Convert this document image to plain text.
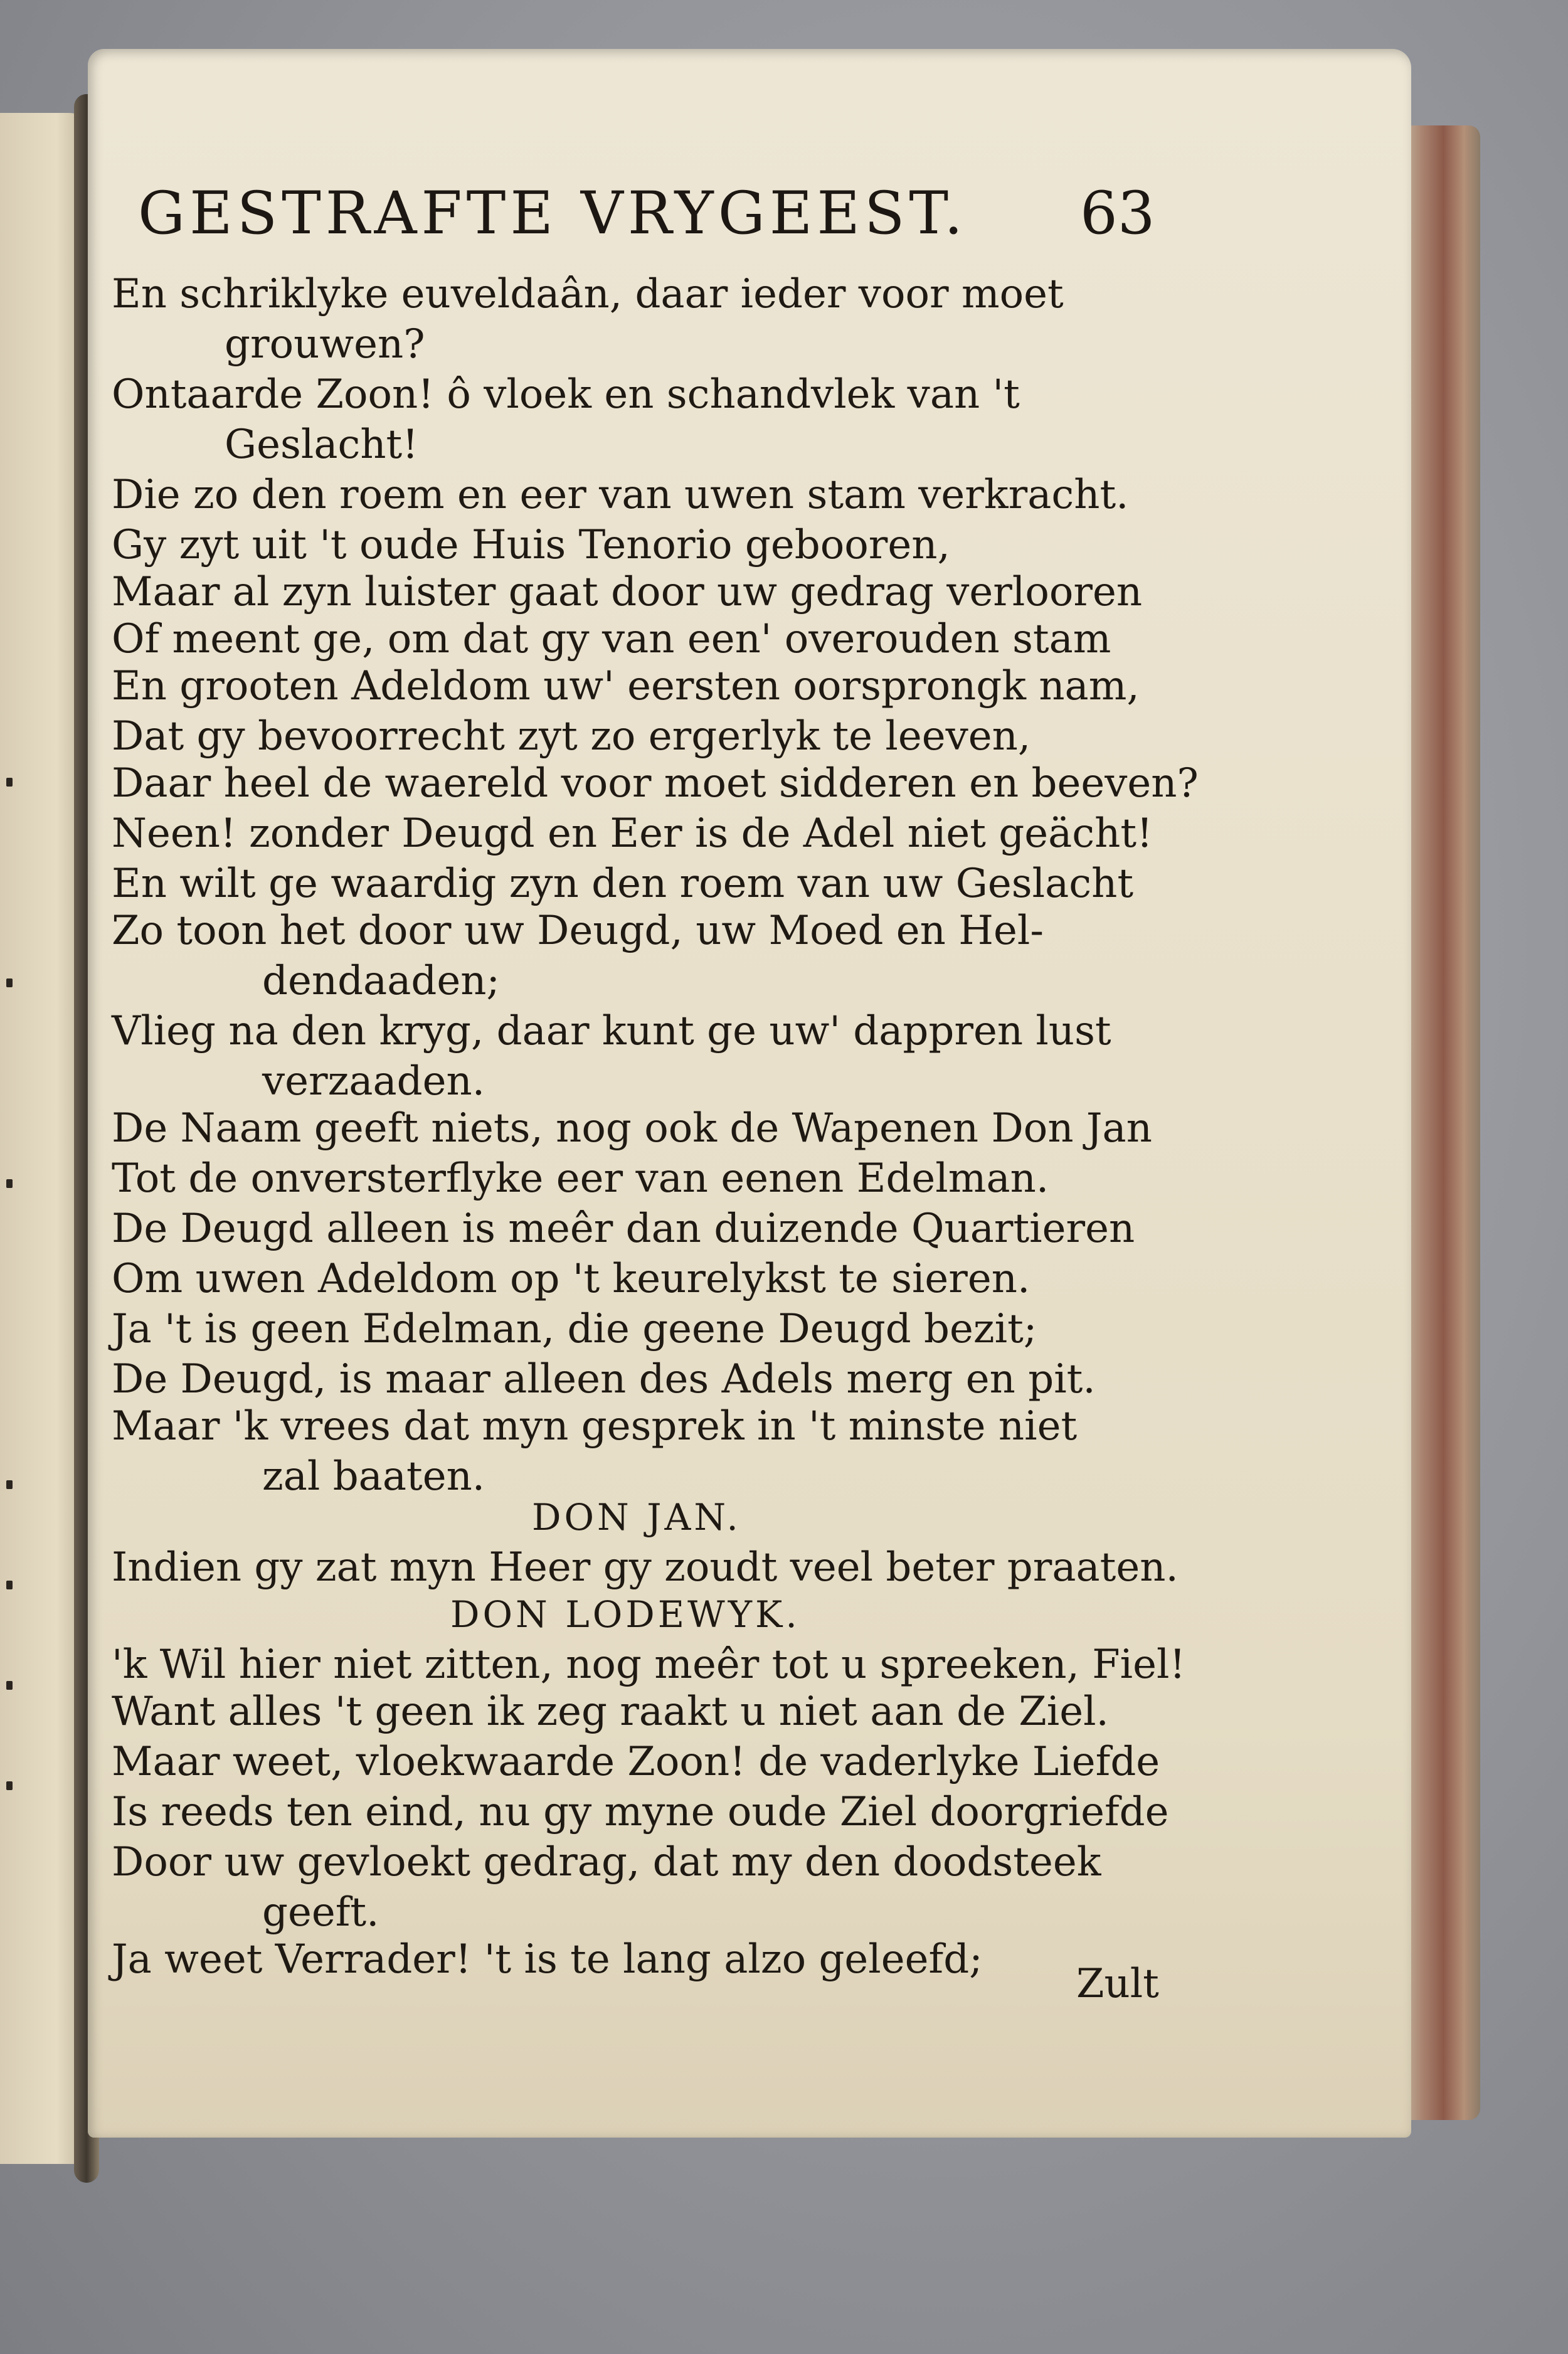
GESTRAFTE VRYGEEST.	63
En schriklyke euveldaân, daar ieder voor moet
grouwen?
Ontaarde Zoon! ô vloek en schandvlek van 't
Geslacht!
Die zo den roem en eer van uwen stam verkracht.
Gy zyt uit 't oude Huis Tenorio gebooren,
Maar al zyn luister gaat door uw gedrag verlooren
Of meent ge, om dat gy van een' overouden stam
En grooten Adeldom uw' eersten oorsprongk nam,
Dat gy bevoorrecht zyt zo ergerlyk te leeven,
Daar heel de waereld voor moet sidderen en beeven?
Neen! zonder Deugd en Eer is de Adel niet geächt!
En wilt ge waardig zyn den roem van uw Geslacht
Zo toon het door uw Deugd, uw Moed en Hel-
dendaaden;
Vlieg na den kryg, daar kunt ge uw' dappren lust
verzaaden.
De Naam geeft niets, nog ook de Wapenen Don Jan
Tot de onversterflyke eer van eenen Edelman.
De Deugd alleen is meêr dan duizende Quartieren
Om uwen Adeldom op 't keurelykst te sieren.
Ja 't is geen Edelman, die geene Deugd bezit;
De Deugd, is maar alleen des Adels merg en pit.
Maar 'k vrees dat myn gesprek in 't minste niet
zal baaten.
DON JAN.
Indien gy zat myn Heer gy zoudt veel beter praaten.
DON LODEWYK.
'k Wil hier niet zitten, nog meêr tot u spreeken, Fiel!
Want alles 't geen ik zeg raakt u niet aan de Ziel.
Maar weet, vloekwaarde Zoon! de vaderlyke Liefde
Is reeds ten eind, nu gy myne oude Ziel doorgriefde
Door uw gevloekt gedrag, dat my den doodsteek
geeft.
Ja weet Verrader! 't is te lang alzo geleefd;
Zult
